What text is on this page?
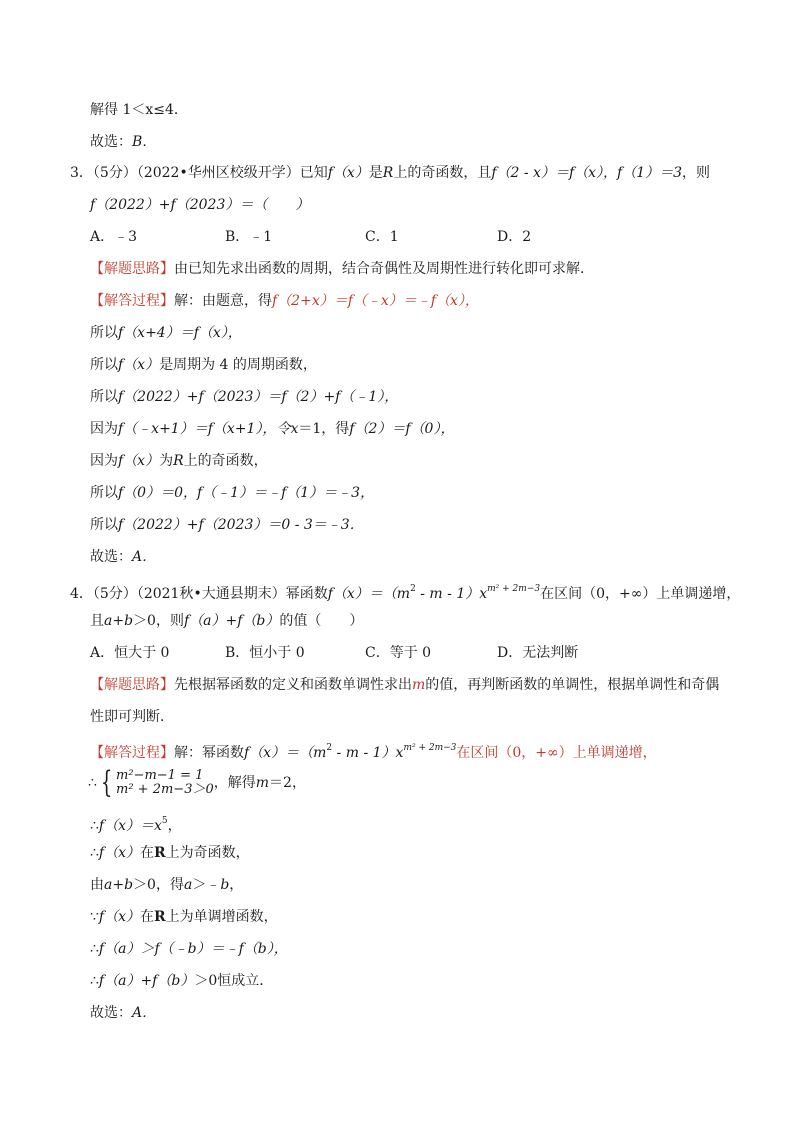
解得 1＜x≤4．
故选：B．
3．（5分）（2022•华州区校级开学）已知f（x）是R上的奇函数，且f（2 - x）＝f（x），f（1）＝3，则
f（2022）+f（2023）＝（　　）
A．﹣3	B．﹣1	C．1	D．2
【解题思路】由已知先求出函数的周期，结合奇偶性及周期性进行转化即可求解．
【解答过程】解：由题意，得f（2+x）＝f（﹣x）＝﹣f（x），
所以f（x+4）＝f（x），
所以f（x）是周期为 4 的周期函数，
所以f（2022）+f（2023）＝f（2）+f（﹣1），
因为f（﹣x+1）＝f（x+1），令x＝1，得f（2）＝f（0），
因为f（x）为R上的奇函数，
所以f（0）＝0，f（﹣1）＝﹣f（1）＝﹣3，
所以f（2022）+f（2023）＝0 - 3＝﹣3．
故选：A．
4．（5分）（2021秋•大通县期末）幂函数$f(x)=(m^2 - m - 1)x^{m^2 + 2m-3}$在区间（0，+∞）上单调递增，
且a+b＞0，则f（a）+f（b）的值（　　）
A．恒大于 0	B．恒小于 0	C．等于 0	D．无法判断
【解题思路】先根据幂函数的定义和函数单调性求出m的值，再判断函数的单调性，根据单调性和奇偶
性即可判断．
【解答过程】解：幂函数$f(x)=(m^2 - m - 1)x^{m^2 + 2m-3}$在区间（0，+∞）上单调递增，
∴ { m²−m−1 = 1
m² + 2m−3＞0 ，解得m＝2，
$\therefore f(x)=x^5$，
∴f（x）在R上为奇函数，
由a+b＞0，得a＞﹣b，
∵f（x）在R上为单调增函数，
∴f（a）＞f（﹣b）＝﹣f（b），
∴f（a）+f（b）＞0恒成立．
故选：A．
